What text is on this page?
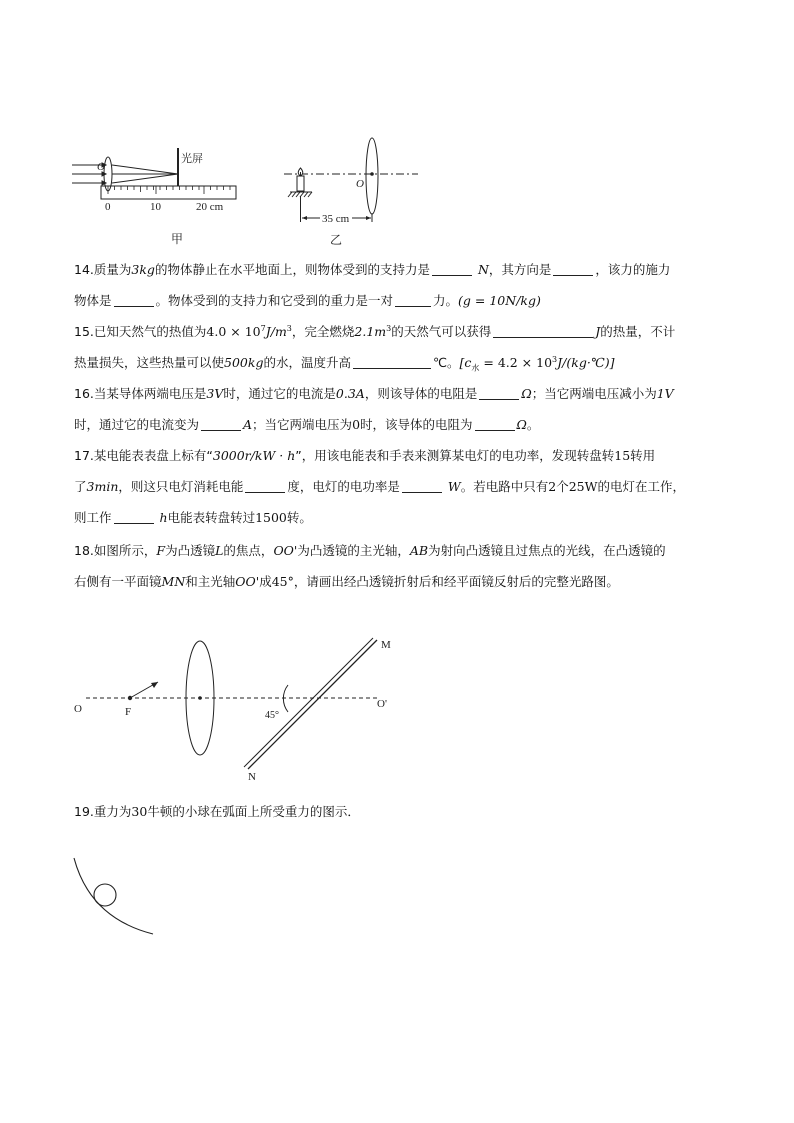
光屏
O
0	10	20 cm
甲
O
35 cm
乙

14.质量为3kg的物体静止在水平地面上，则物体受到的支持力是	N，其方向是	，该力的施力
物体是	。物体受到的支持力和它受到的重力是一对	力。(g = 10N/kg)

15.已知天然气的热值为$4.0 \times 10^7J/m^3$，完全燃烧$2.1m^3$的天然气可以获得	J的热量，不计
热量损失，这些热量可以使500kg的水，温度升高	℃。[$c_水 = 4.2$ × $10^3J/(kg\cdot℃)$]

16.当某导体两端电压是3V时，通过它的电流是0.3A，则该导体的电阻是	Ω；当它两端电压减小为1V
时，通过它的电流变为	A；当它两端电压为0时，该导体的电阻为	Ω。

17.某电能表表盘上标有“3000r/kW · h”，用该电能表和手表来测算某电灯的电功率，发现转盘转15转用
了3min，则这只电灯消耗电能	度，电灯的电功率是	W。若电路中只有2个25W的电灯在工作，
则工作	h电能表转盘转过1500转。

18.如图所示，F为凸透镜L的焦点，OO'为凸透镜的主光轴，AB为射向凸透镜且过焦点的光线，在凸透镜的
右侧有一平面镜MN和主光轴OO'成45°，请画出经凸透镜折射后和经平面镜反射后的完整光路图。

O	F
O'
45°
M
N

19.重力为30牛顿的小球在弧面上所受重力的图示．
